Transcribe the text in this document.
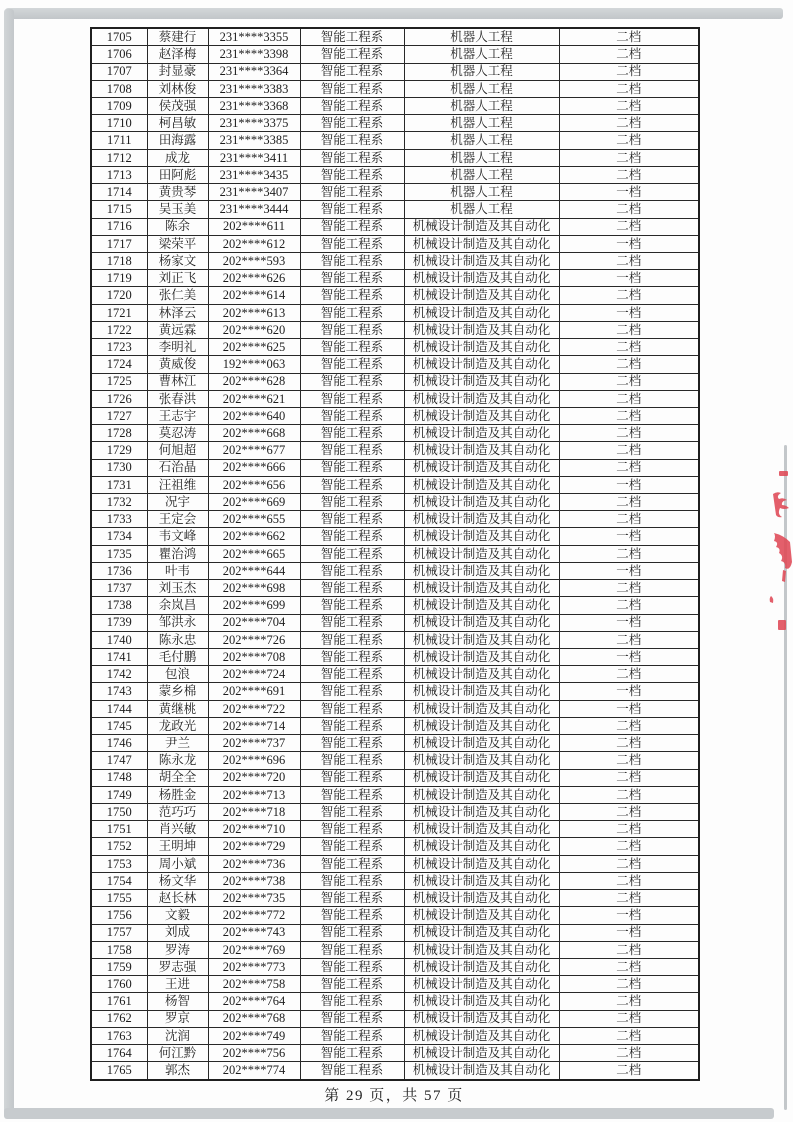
1705	蔡建行	231****3355	智能工程系	机器人工程	二档
1706	赵泽梅	231****3398	智能工程系	机器人工程	二档
1707	封显豪	231****3364	智能工程系	机器人工程	二档
1708	刘林俊	231****3383	智能工程系	机器人工程	二档
1709	侯茂强	231****3368	智能工程系	机器人工程	二档
1710	柯昌敏	231****3375	智能工程系	机器人工程	二档
1711	田海露	231****3385	智能工程系	机器人工程	二档
1712	成龙	231****3411	智能工程系	机器人工程	二档
1713	田阿彪	231****3435	智能工程系	机器人工程	二档
1714	黄贵琴	231****3407	智能工程系	机器人工程	一档
1715	吴玉美	231****3444	智能工程系	机器人工程	二档
1716	陈余	202****611	智能工程系	机械设计制造及其自动化	二档
1717	梁荣平	202****612	智能工程系	机械设计制造及其自动化	一档
1718	杨家文	202****593	智能工程系	机械设计制造及其自动化	二档
1719	刘正飞	202****626	智能工程系	机械设计制造及其自动化	一档
1720	张仁美	202****614	智能工程系	机械设计制造及其自动化	二档
1721	林泽云	202****613	智能工程系	机械设计制造及其自动化	一档
1722	黄远霖	202****620	智能工程系	机械设计制造及其自动化	二档
1723	李明礼	202****625	智能工程系	机械设计制造及其自动化	二档
1724	黄威俊	192****063	智能工程系	机械设计制造及其自动化	二档
1725	曹林江	202****628	智能工程系	机械设计制造及其自动化	二档
1726	张春洪	202****621	智能工程系	机械设计制造及其自动化	二档
1727	王志宇	202****640	智能工程系	机械设计制造及其自动化	二档
1728	莫忍涛	202****668	智能工程系	机械设计制造及其自动化	二档
1729	何旭超	202****677	智能工程系	机械设计制造及其自动化	二档
1730	石治晶	202****666	智能工程系	机械设计制造及其自动化	二档
1731	汪祖维	202****656	智能工程系	机械设计制造及其自动化	一档
1732	况宇	202****669	智能工程系	机械设计制造及其自动化	二档
1733	王定会	202****655	智能工程系	机械设计制造及其自动化	二档
1734	韦文峰	202****662	智能工程系	机械设计制造及其自动化	一档
1735	瞿治鸿	202****665	智能工程系	机械设计制造及其自动化	二档
1736	叶韦	202****644	智能工程系	机械设计制造及其自动化	一档
1737	刘玉杰	202****698	智能工程系	机械设计制造及其自动化	二档
1738	余岚昌	202****699	智能工程系	机械设计制造及其自动化	二档
1739	邹洪永	202****704	智能工程系	机械设计制造及其自动化	一档
1740	陈永忠	202****726	智能工程系	机械设计制造及其自动化	二档
1741	毛付鹏	202****708	智能工程系	机械设计制造及其自动化	一档
1742	包浪	202****724	智能工程系	机械设计制造及其自动化	二档
1743	蒙乡棉	202****691	智能工程系	机械设计制造及其自动化	一档
1744	黄继桃	202****722	智能工程系	机械设计制造及其自动化	一档
1745	龙政光	202****714	智能工程系	机械设计制造及其自动化	二档
1746	尹兰	202****737	智能工程系	机械设计制造及其自动化	二档
1747	陈永龙	202****696	智能工程系	机械设计制造及其自动化	二档
1748	胡全全	202****720	智能工程系	机械设计制造及其自动化	二档
1749	杨胜金	202****713	智能工程系	机械设计制造及其自动化	二档
1750	范巧巧	202****718	智能工程系	机械设计制造及其自动化	二档
1751	肖兴敏	202****710	智能工程系	机械设计制造及其自动化	二档
1752	王明坤	202****729	智能工程系	机械设计制造及其自动化	二档
1753	周小斌	202****736	智能工程系	机械设计制造及其自动化	二档
1754	杨文华	202****738	智能工程系	机械设计制造及其自动化	二档
1755	赵长林	202****735	智能工程系	机械设计制造及其自动化	二档
1756	文毅	202****772	智能工程系	机械设计制造及其自动化	一档
1757	刘成	202****743	智能工程系	机械设计制造及其自动化	一档
1758	罗涛	202****769	智能工程系	机械设计制造及其自动化	二档
1759	罗志强	202****773	智能工程系	机械设计制造及其自动化	二档
1760	王进	202****758	智能工程系	机械设计制造及其自动化	二档
1761	杨智	202****764	智能工程系	机械设计制造及其自动化	二档
1762	罗京	202****768	智能工程系	机械设计制造及其自动化	二档
1763	沈润	202****749	智能工程系	机械设计制造及其自动化	二档
1764	何江黔	202****756	智能工程系	机械设计制造及其自动化	二档
1765	郭杰	202****774	智能工程系	机械设计制造及其自动化	二档
第 29 页，共 57 页
